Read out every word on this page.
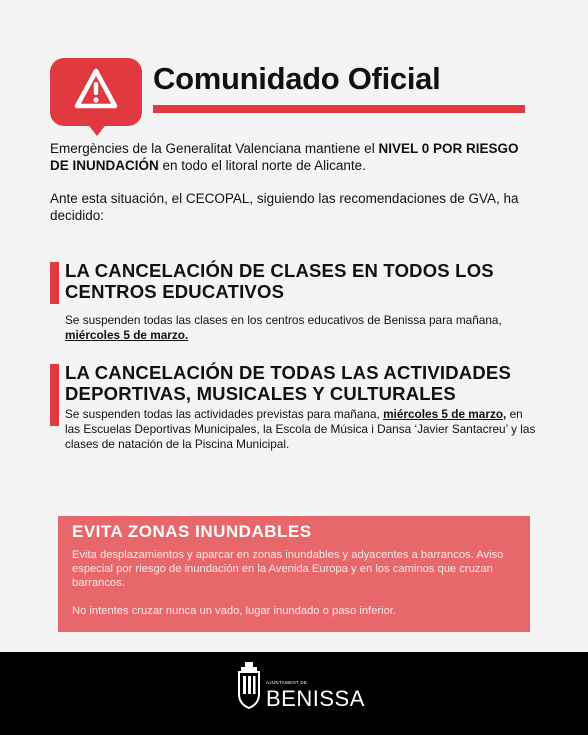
Comunidado Oficial

Emergències de la Generalitat Valenciana mantiene el NIVEL 0 POR RIESGO DE INUNDACIÓN en todo el litoral norte de Alicante.

Ante esta situación, el CECOPAL, siguiendo las recomendaciones de GVA, ha decidido:

LA CANCELACIÓN DE CLASES EN TODOS LOS CENTROS EDUCATIVOS
Se suspenden todas las clases en los centros educativos de Benissa para mañana, miércoles 5 de marzo.
LA CANCELACIÓN DE TODAS LAS ACTIVIDADES DEPORTIVAS, MUSICALES Y CULTURALES
Se suspenden todas las actividades previstas para mañana, miércoles 5 de marzo, en las Escuelas Deportivas Municipales, la Escola de Música i Dansa ‘Javier Santacreu’ y las clases de natación de la Piscina Municipal.
EVITA ZONAS INUNDABLES

Evita desplazamientos y aparcar en zonas inundables y adyacentes a barrancos. Aviso especial por riesgo de inundación en la Avenida Europa y en los caminos que cruzan barrancos.

No intentes cruzar nunca un vado, lugar inundado o paso inferior.

AJUNTAMENT DE
BENISSA
